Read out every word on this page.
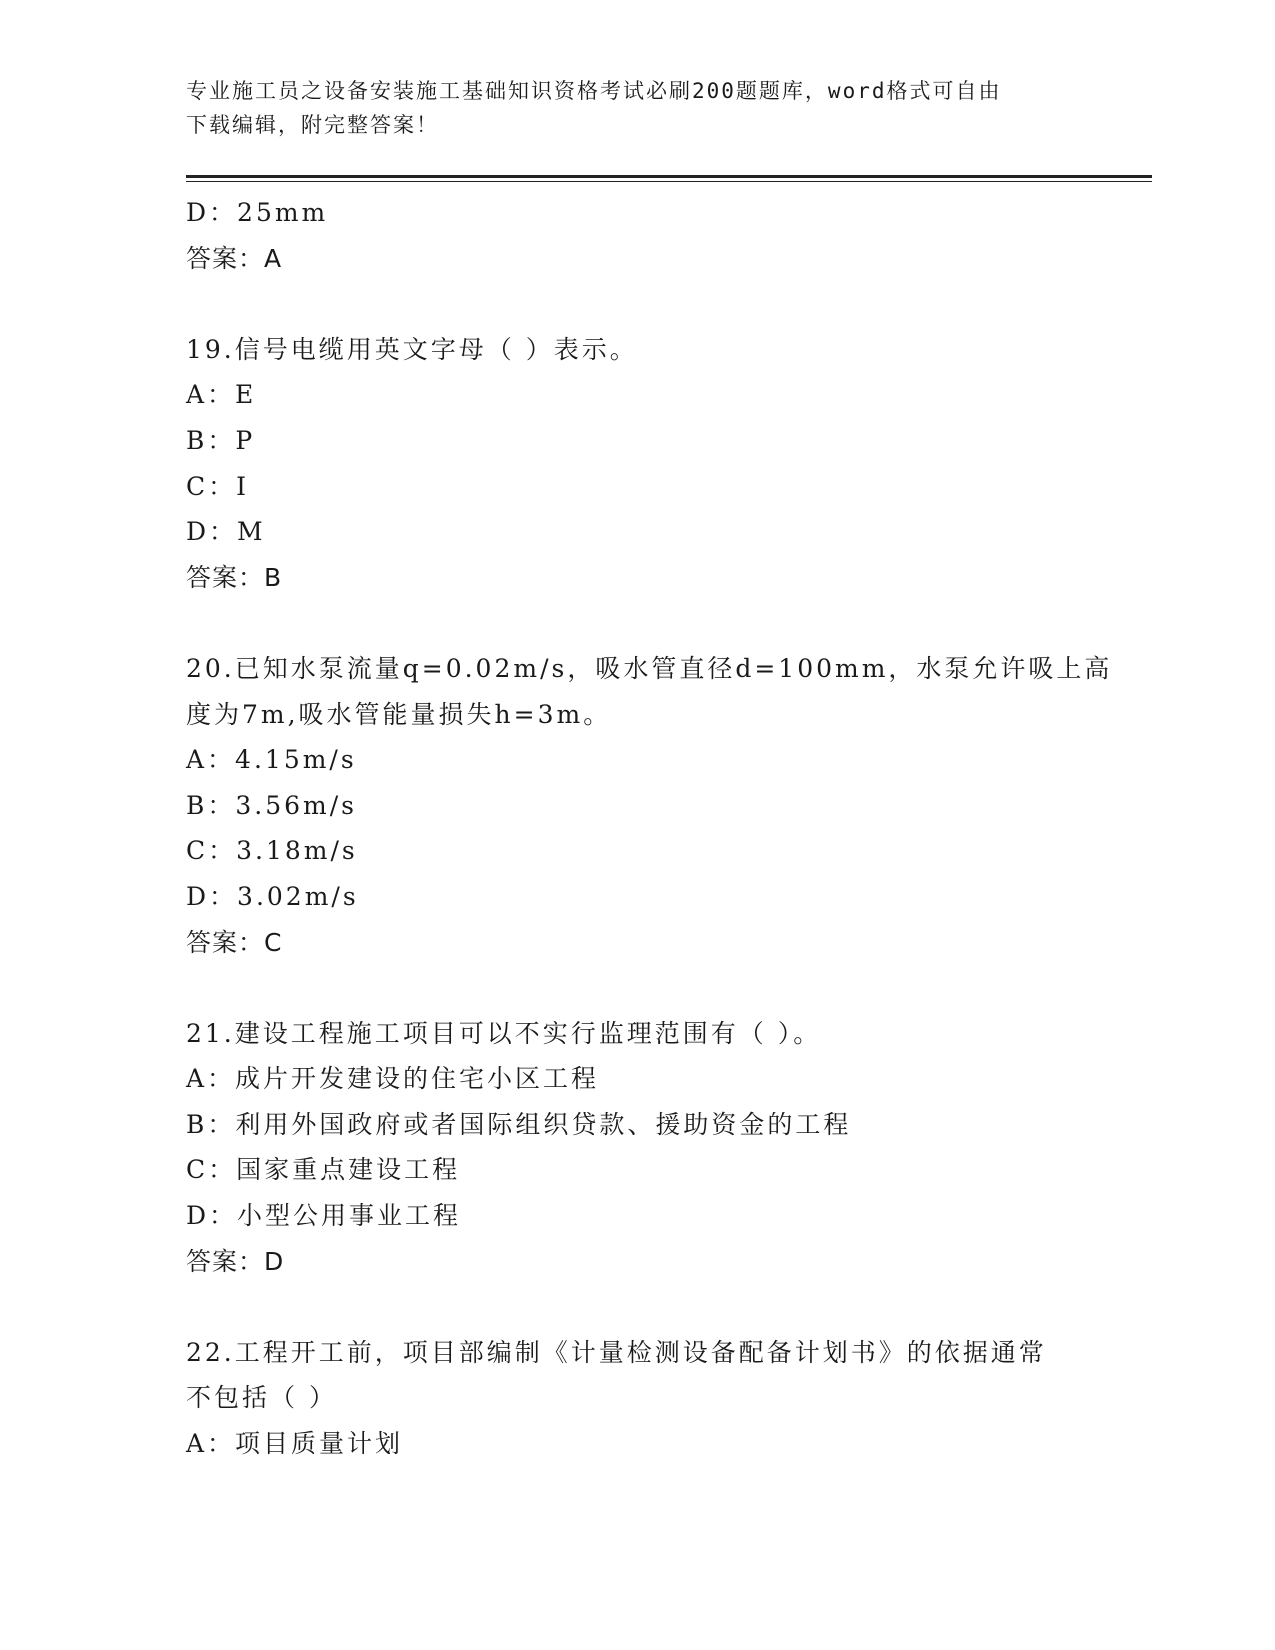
专业施工员之设备安装施工基础知识资格考试必刷200题题库，word格式可自由
下载编辑，附完整答案！
D：25mm
答案：A
19.信号电缆用英文字母（ ）表示。
A：E
B：P
C：I
D：M
答案：B
20.已知水泵流量q=0.02m/s，吸水管直径d=100mm，水泵允许吸上高
度为7m,吸水管能量损失h=3m。
A：4.15m/s
B：3.56m/s
C：3.18m/s
D：3.02m/s
答案：C
21.建设工程施工项目可以不实行监理范围有（ ）。
A：成片开发建设的住宅小区工程
B：利用外国政府或者国际组织贷款、援助资金的工程
C：国家重点建设工程
D：小型公用事业工程
答案：D
22.工程开工前，项目部编制《计量检测设备配备计划书》的依据通常
不包括（ ）
A：项目质量计划
